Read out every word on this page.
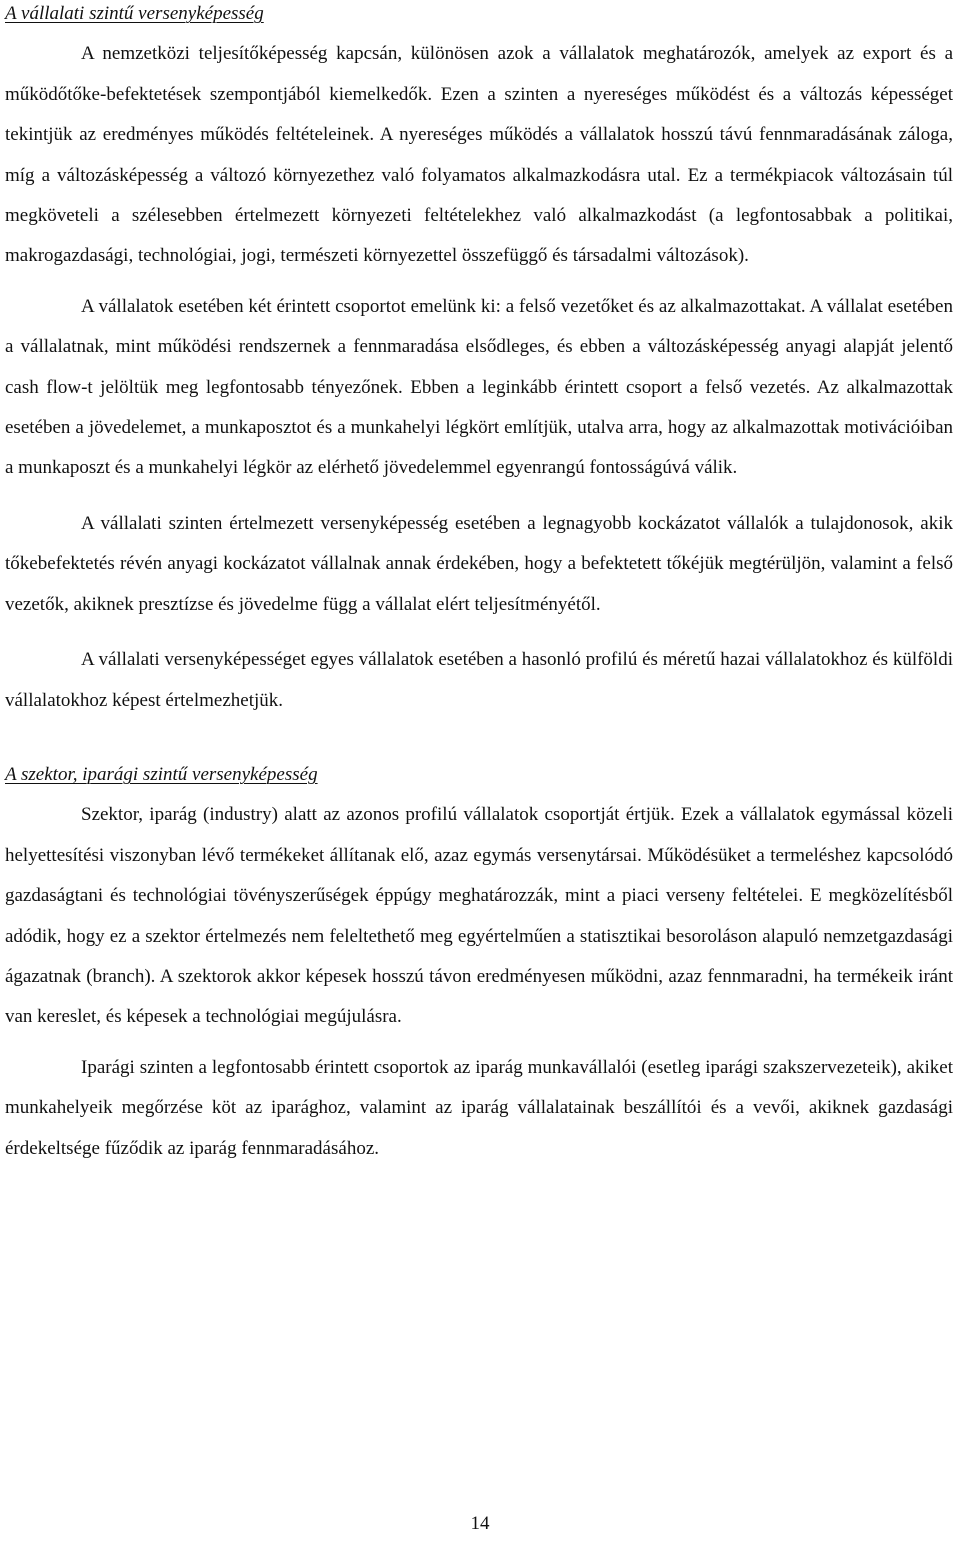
A vállalati szintű versenyképesség

A nemzetközi teljesítőképesség kapcsán, különösen azok a vállalatok meghatározók, amelyek az export és a működőtőke-befektetések szempontjából kiemelkedők. Ezen a szinten a nyereséges működést és a változás képességet tekintjük az eredményes működés feltételeinek. A nyereséges működés a vállalatok hosszú távú fennmaradásának záloga, míg a változásképesség a változó környezethez való folyamatos alkalmazkodásra utal. Ez a termékpiacok változásain túl megköveteli a szélesebben értelmezett környezeti feltételekhez való alkalmazkodást (a legfontosabbak a politikai, makrogazdasági, technológiai, jogi, természeti környezettel összefüggő és társadalmi változások).

A vállalatok esetében két érintett csoportot emelünk ki: a felső vezetőket és az alkalmazottakat. A vállalat esetében a vállalatnak, mint működési rendszernek a fennmaradása elsődleges, és ebben a változásképesség anyagi alapját jelentő cash flow-t jelöltük meg legfontosabb tényezőnek. Ebben a leginkább érintett csoport a felső vezetés. Az alkalmazottak esetében a jövedelemet, a munkaposztot és a munkahelyi légkört említjük, utalva arra, hogy az alkalmazottak motivációiban a munkaposzt és a munkahelyi légkör az elérhető jövedelemmel egyenrangú fontosságúvá válik.

A vállalati szinten értelmezett versenyképesség esetében a legnagyobb kockázatot vállalók a tulajdonosok, akik tőkebefektetés révén anyagi kockázatot vállalnak annak érdekében, hogy a befektetett tőkéjük megtérüljön, valamint a felső vezetők, akiknek presztízse és jövedelme függ a vállalat elért teljesítményétől.

A vállalati versenyképességet egyes vállalatok esetében a hasonló profilú és méretű hazai vállalatokhoz és külföldi vállalatokhoz képest értelmezhetjük.

A szektor, iparági szintű versenyképesség

Szektor, iparág (industry) alatt az azonos profilú vállalatok csoportját értjük. Ezek a vállalatok egymással közeli helyettesítési viszonyban lévő termékeket állítanak elő, azaz egymás versenytársai. Működésüket a termeléshez kapcsolódó gazdaságtani és technológiai tövényszerűségek éppúgy meghatározzák, mint a piaci verseny feltételei. E megközelítésből adódik, hogy ez a szektor értelmezés nem feleltethető meg egyértelműen a statisztikai besoroláson alapuló nemzetgazdasági ágazatnak (branch). A szektorok akkor képesek hosszú távon eredményesen működni, azaz fennmaradni, ha termékeik iránt van kereslet, és képesek a technológiai megújulásra.

Iparági szinten a legfontosabb érintett csoportok az iparág munkavállalói (esetleg iparági szakszervezeteik), akiket munkahelyeik megőrzése köt az iparághoz, valamint az iparág vállalatainak beszállítói és a vevői, akiknek gazdasági érdekeltsége fűződik az iparág fennmaradásához.

14
